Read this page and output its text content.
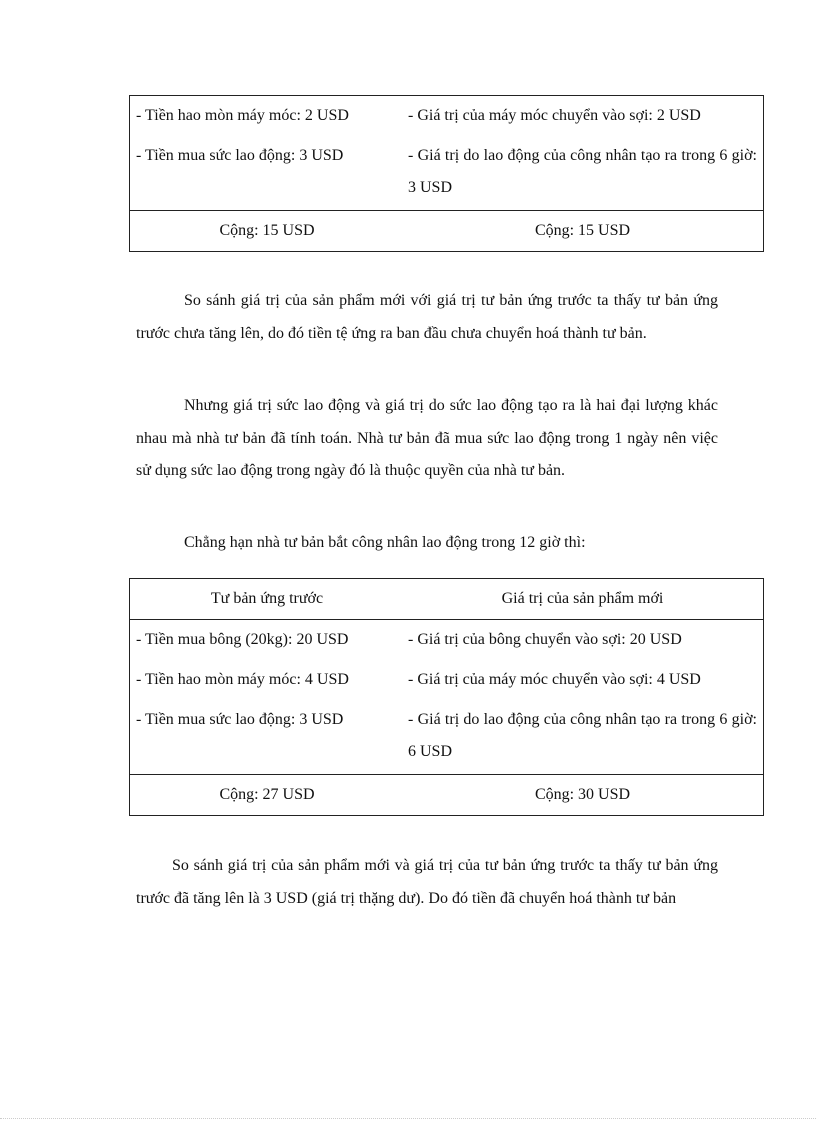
- Tiền hao mòn máy móc: 2 USD	- Giá trị của máy móc chuyển vào sợi: 2 USD
- Tiền mua sức lao động: 3 USD	- Giá trị do lao động của công nhân tạo ra trong 6 giờ: 3 USD
Cộng: 15 USD	Cộng: 15 USD

So sánh giá trị của sản phẩm mới với giá trị tư bản ứng trước ta thấy tư bản ứng trước chưa tăng lên, do đó tiền tệ ứng ra ban đầu chưa chuyển hoá thành tư bản.

Nhưng giá trị sức lao động và giá trị do sức lao động tạo ra là hai đại lượng khác nhau mà nhà tư bản đã tính toán. Nhà tư bản đã mua sức lao động trong 1 ngày nên việc sử dụng sức lao động trong ngày đó là thuộc quyền của nhà tư bản.

Chẳng hạn nhà tư bản bắt công nhân lao động trong 12 giờ thì:

Tư bản ứng trước	Giá trị của sản phẩm mới
- Tiền mua bông (20kg): 20 USD	- Giá trị của bông chuyển vào sợi: 20 USD
- Tiền hao mòn máy móc: 4 USD	- Giá trị của máy móc chuyển vào sợi: 4 USD
- Tiền mua sức lao động: 3 USD	- Giá trị do lao động của công nhân tạo ra trong 6 giờ: 6 USD
Cộng: 27 USD	Cộng: 30 USD

So sánh giá trị của sản phẩm mới và giá trị của tư bản ứng trước ta thấy tư bản ứng trước đã tăng lên là 3 USD (giá trị thặng dư). Do đó tiền đã chuyển hoá thành tư bản
